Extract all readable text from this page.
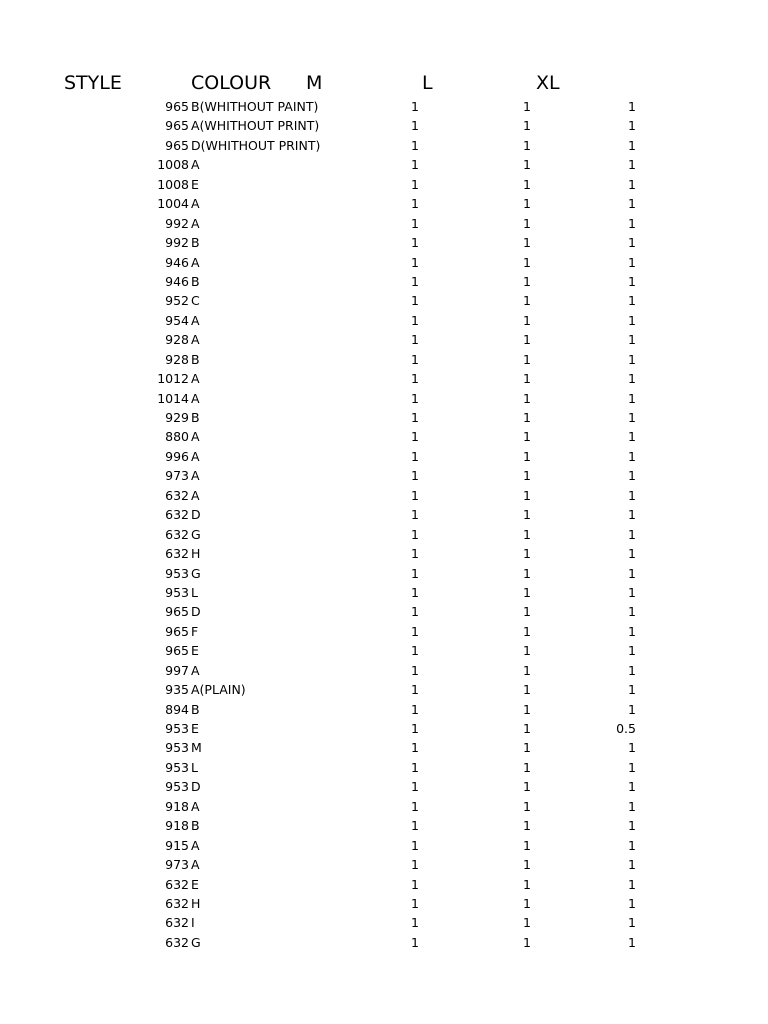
STYLE	COLOUR M	L	XL
965 B(WHITHOUT PAINT)	1	1	1
965 A(WHITHOUT PRINT)	1	1	1
965 D(WHITHOUT PRINT)	1	1	1
1008 A	1	1	1
1008 E	1	1	1
1004 A	1	1	1
992 A	1	1	1
992 B	1	1	1
946 A	1	1	1
946 B	1	1	1
952 C	1	1	1
954 A	1	1	1
928 A	1	1	1
928 B	1	1	1
1012 A	1	1	1
1014 A	1	1	1
929 B	1	1	1
880 A	1	1	1
996 A	1	1	1
973 A	1	1	1
632 A	1	1	1
632 D	1	1	1
632 G	1	1	1
632 H	1	1	1
953 G	1	1	1
953 L	1	1	1
965 D	1	1	1
965 F	1	1	1
965 E	1	1	1
997 A	1	1	1
935 A(PLAIN)	1	1	1
894 B	1	1	1
953 E	1	1	0.5
953 M	1	1	1
953 L	1	1	1
953 D	1	1	1
918 A	1	1	1
918 B	1	1	1
915 A	1	1	1
973 A	1	1	1
632 E	1	1	1
632 H	1	1	1
632 I	1	1	1
632 G	1	1	1
